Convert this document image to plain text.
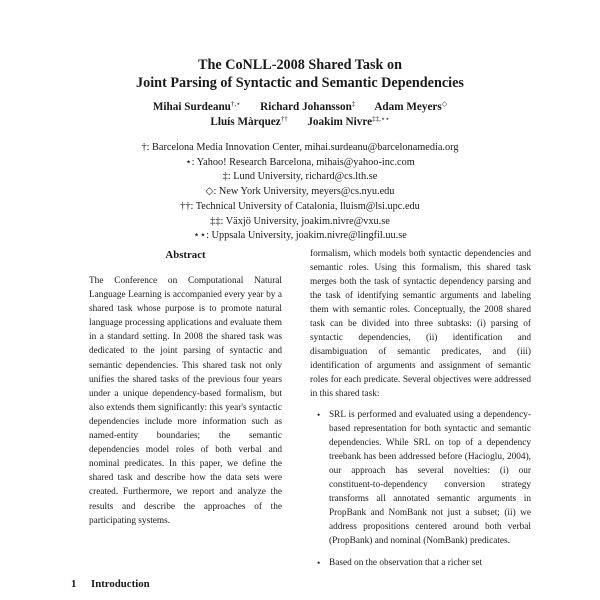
The CoNLL-2008 Shared Task on
Joint Parsing of Syntactic and Semantic Dependencies
Mihai Surdeanu†,⋆ Richard Johansson‡ Adam Meyers◇
Lluís Màrquez†† Joakim Nivre‡‡,⋆⋆
†: Barcelona Media Innovation Center, mihai.surdeanu@barcelonamedia.org
⋆: Yahoo! Research Barcelona, mihais@yahoo-inc.com
‡: Lund University, richard@cs.lth.se
◇: New York University, meyers@cs.nyu.edu
††: Technical University of Catalonia, lluism@lsi.upc.edu
‡‡: Växjö University, joakim.nivre@vxu.se
⋆⋆: Uppsala University, joakim.nivre@lingfil.uu.se
Abstract

The Conference on Computational Natural Language Learning is accompanied every year by a shared task whose purpose is to promote natural language processing applications and evaluate them in a standard setting. In 2008 the shared task was dedicated to the joint parsing of syntactic and semantic dependencies. This shared task not only unifies the shared tasks of the previous four years under a unique dependency-based formalism, but also extends them significantly: this year's syntactic dependencies include more information such as named-entity boundaries; the semantic dependencies model roles of both verbal and nominal predicates. In this paper, we define the shared task and describe how the data sets were created. Furthermore, we report and analyze the results and describe the approaches of the participating systems.

1 Introduction

formalism, which models both syntactic dependencies and semantic roles. Using this formalism, this shared task merges both the task of syntactic dependency parsing and the task of identifying semantic arguments and labeling them with semantic roles. Conceptually, the 2008 shared task can be divided into three subtasks: (i) parsing of syntactic dependencies, (ii) identification and disambiguation of semantic predicates, and (iii) identification of arguments and assignment of semantic roles for each predicate. Several objectives were addressed in this shared task:

• SRL is performed and evaluated using a dependency-based representation for both syntactic and semantic dependencies. While SRL on top of a dependency treebank has been addressed before (Hacioglu, 2004), our approach has several novelties: (i) our constituent-to-dependency conversion strategy transforms all annotated semantic arguments in PropBank and NomBank not just a subset; (ii) we address propositions centered around both verbal (PropBank) and nominal (NomBank) predicates.
• Based on the observation that a richer set
